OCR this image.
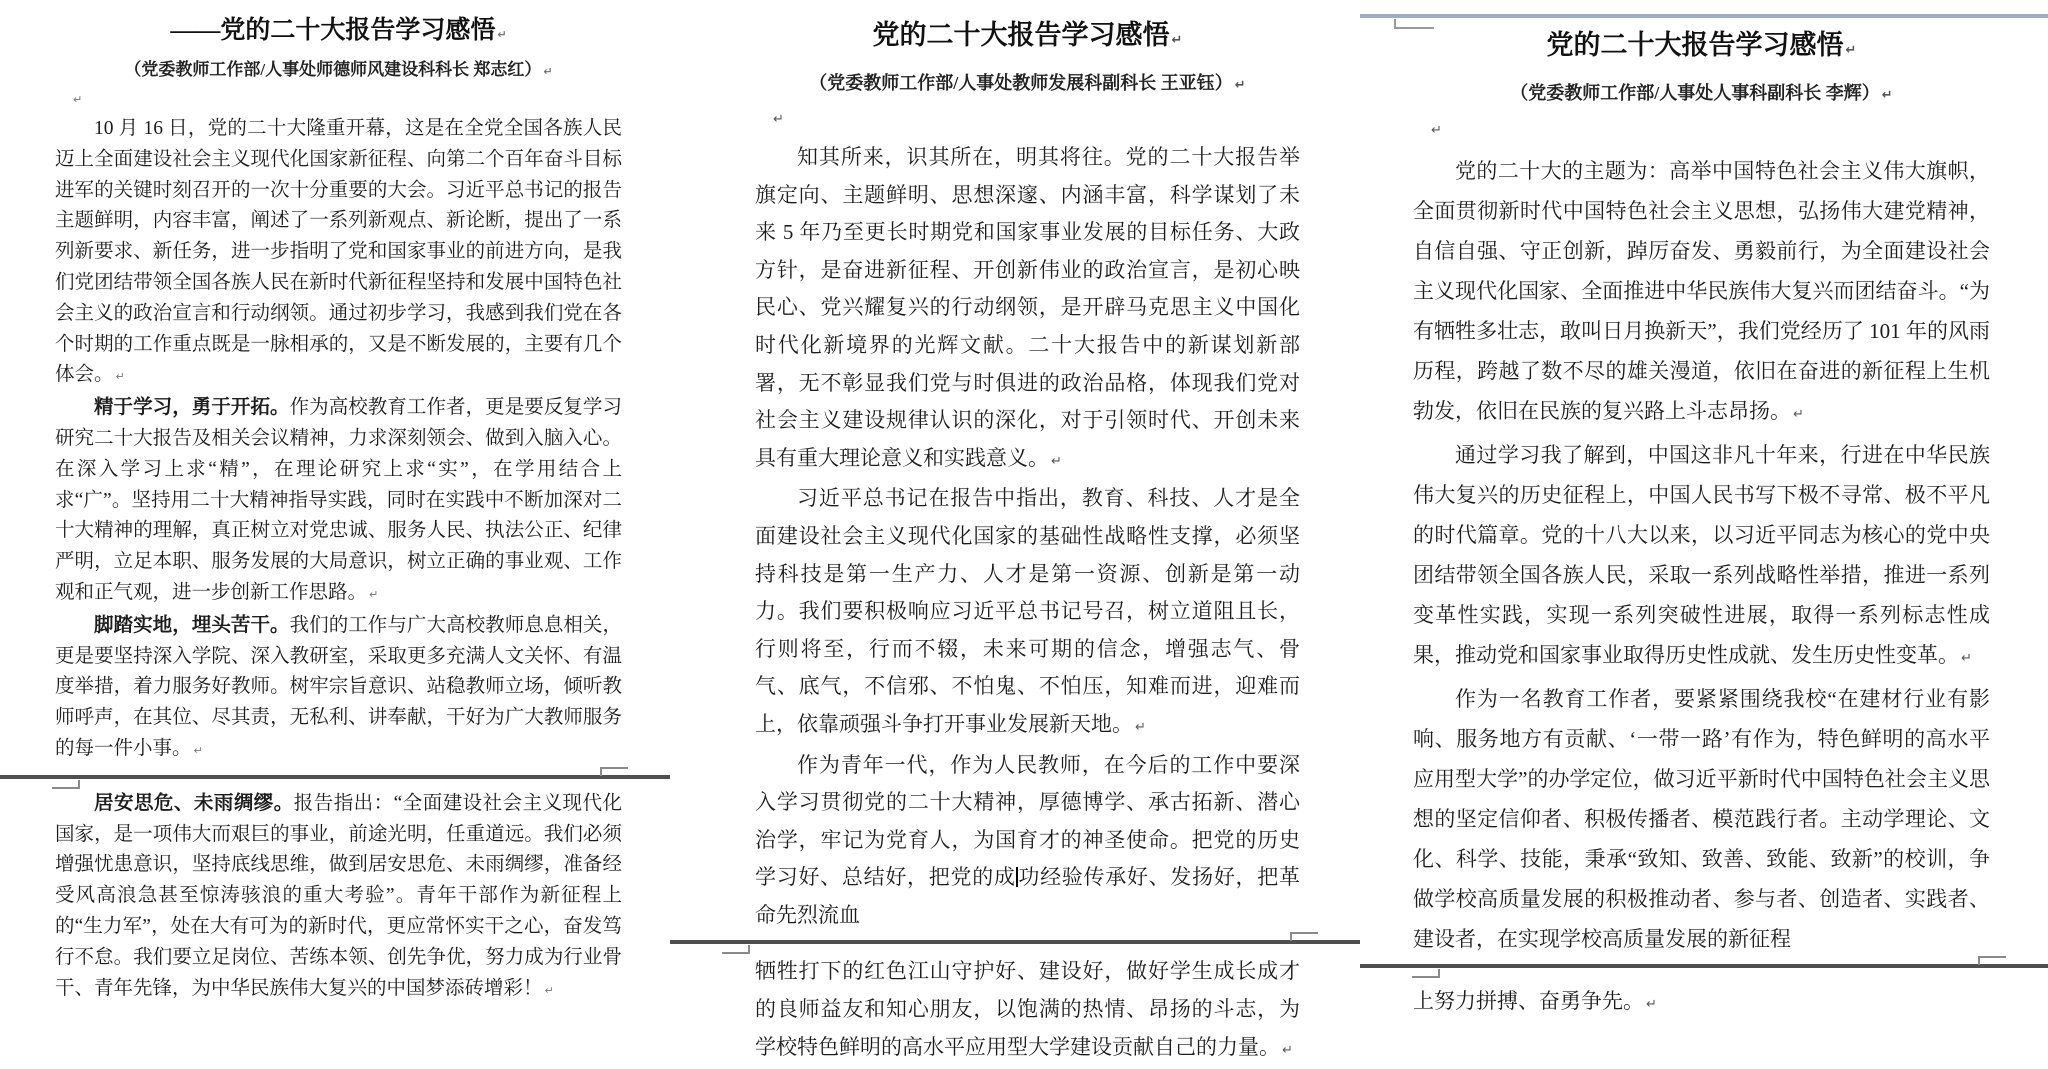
——党的二十大报告学习感悟 ↵
（党委教师工作部/人事处师德师风建设科科长 郑志红） ↵
↵

10 月 16 日，党的二十大隆重开幕，这是在全党全国各族人民迈上全面建设社会主义现代化国家新征程、向第二个百年奋斗目标进军的关键时刻召开的一次十分重要的大会。习近平总书记的报告主题鲜明，内容丰富，阐述了一系列新观点、新论断，提出了一系列新要求、新任务，进一步指明了党和国家事业的前进方向，是我们党团结带领全国各族人民在新时代新征程坚持和发展中国特色社会主义的政治宣言和行动纲领。通过初步学习，我感到我们党在各个时期的工作重点既是一脉相承的，又是不断发展的，主要有几个体会。 ↵

精于学习，勇于开拓。作为高校教育工作者，更是要反复学习研究二十大报告及相关会议精神，力求深刻领会、做到入脑入心。在深入学习上求“精”，在理论研究上求“实”，在学用结合上求“广”。坚持用二十大精神指导实践，同时在实践中不断加深对二十大精神的理解，真正树立对党忠诚、服务人民、执法公正、纪律严明，立足本职、服务发展的大局意识，树立正确的事业观、工作观和正气观，进一步创新工作思路。 ↵

脚踏实地，埋头苦干。我们的工作与广大高校教师息息相关，更是要坚持深入学院、深入教研室，采取更多充满人文关怀、有温度举措，着力服务好教师。树牢宗旨意识、站稳教师立场，倾听教师呼声，在其位、尽其责，无私利、讲奉献，干好为广大教师服务的每一件小事。 ↵

居安思危、未雨绸缪。报告指出：“全面建设社会主义现代化国家，是一项伟大而艰巨的事业，前途光明，任重道远。我们必须增强忧患意识，坚持底线思维，做到居安思危、未雨绸缪，准备经受风高浪急甚至惊涛骇浪的重大考验”。青年干部作为新征程上的“生力军”，处在大有可为的新时代，更应常怀实干之心，奋发笃行不怠。我们要立足岗位、苦练本领、创先争优，努力成为行业骨干、青年先锋，为中华民族伟大复兴的中国梦添砖增彩！ ↵

党的二十大报告学习感悟 ↵
（党委教师工作部/人事处教师发展科副科长 王亚钰） ↵
↵

知其所来，识其所在，明其将往。党的二十大报告举旗定向、主题鲜明、思想深邃、内涵丰富，科学谋划了未来 5 年乃至更长时期党和国家事业发展的目标任务、大政方针，是奋进新征程、开创新伟业的政治宣言，是初心映民心、党兴耀复兴的行动纲领，是开辟马克思主义中国化时代化新境界的光辉文献。二十大报告中的新谋划新部署，无不彰显我们党与时俱进的政治品格，体现我们党对社会主义建设规律认识的深化，对于引领时代、开创未来具有重大理论意义和实践意义。 ↵

习近平总书记在报告中指出，教育、科技、人才是全面建设社会主义现代化国家的基础性战略性支撑，必须坚持科技是第一生产力、人才是第一资源、创新是第一动力。我们要积极响应习近平总书记号召，树立道阻且长，行则将至，行而不辍，未来可期的信念，增强志气、骨气、底气，不信邪、不怕鬼、不怕压，知难而进，迎难而上，依靠顽强斗争打开事业发展新天地。 ↵

作为青年一代，作为人民教师，在今后的工作中要深入学习贯彻党的二十大精神，厚德博学、承古拓新、潜心治学，牢记为党育人，为国育才的神圣使命。把党的历史学习好、总结好，把党的成功经验传承好、发扬好，把革命先烈流血

牺牲打下的红色江山守护好、建设好，做好学生成长成才的良师益友和知心朋友，以饱满的热情、昂扬的斗志，为学校特色鲜明的高水平应用型大学建设贡献自己的力量。 ↵

党的二十大报告学习感悟 ↵
（党委教师工作部/人事处人事科副科长 李辉） ↵
↵

党的二十大的主题为：高举中国特色社会主义伟大旗帜，全面贯彻新时代中国特色社会主义思想，弘扬伟大建党精神，自信自强、守正创新，踔厉奋发、勇毅前行，为全面建设社会主义现代化国家、全面推进中华民族伟大复兴而团结奋斗。“为有牺牲多壮志，敢叫日月换新天”，我们党经历了 101 年的风雨历程，跨越了数不尽的雄关漫道，依旧在奋进的新征程上生机勃发，依旧在民族的复兴路上斗志昂扬。 ↵

通过学习我了解到，中国这非凡十年来，行进在中华民族伟大复兴的历史征程上，中国人民书写下极不寻常、极不平凡的时代篇章。党的十八大以来，以习近平同志为核心的党中央团结带领全国各族人民，采取一系列战略性举措，推进一系列变革性实践，实现一系列突破性进展，取得一系列标志性成果，推动党和国家事业取得历史性成就、发生历史性变革。 ↵

作为一名教育工作者，要紧紧围绕我校“在建材行业有影响、服务地方有贡献、‘一带一路’有作为，特色鲜明的高水平应用型大学”的办学定位，做习近平新时代中国特色社会主义思想的坚定信仰者、积极传播者、模范践行者。主动学理论、文化、科学、技能，秉承“致知、致善、致能、致新”的校训，争做学校高质量发展的积极推动者、参与者、创造者、实践者、建设者，在实现学校高质量发展的新征程

上努力拼搏、奋勇争先。 ↵
